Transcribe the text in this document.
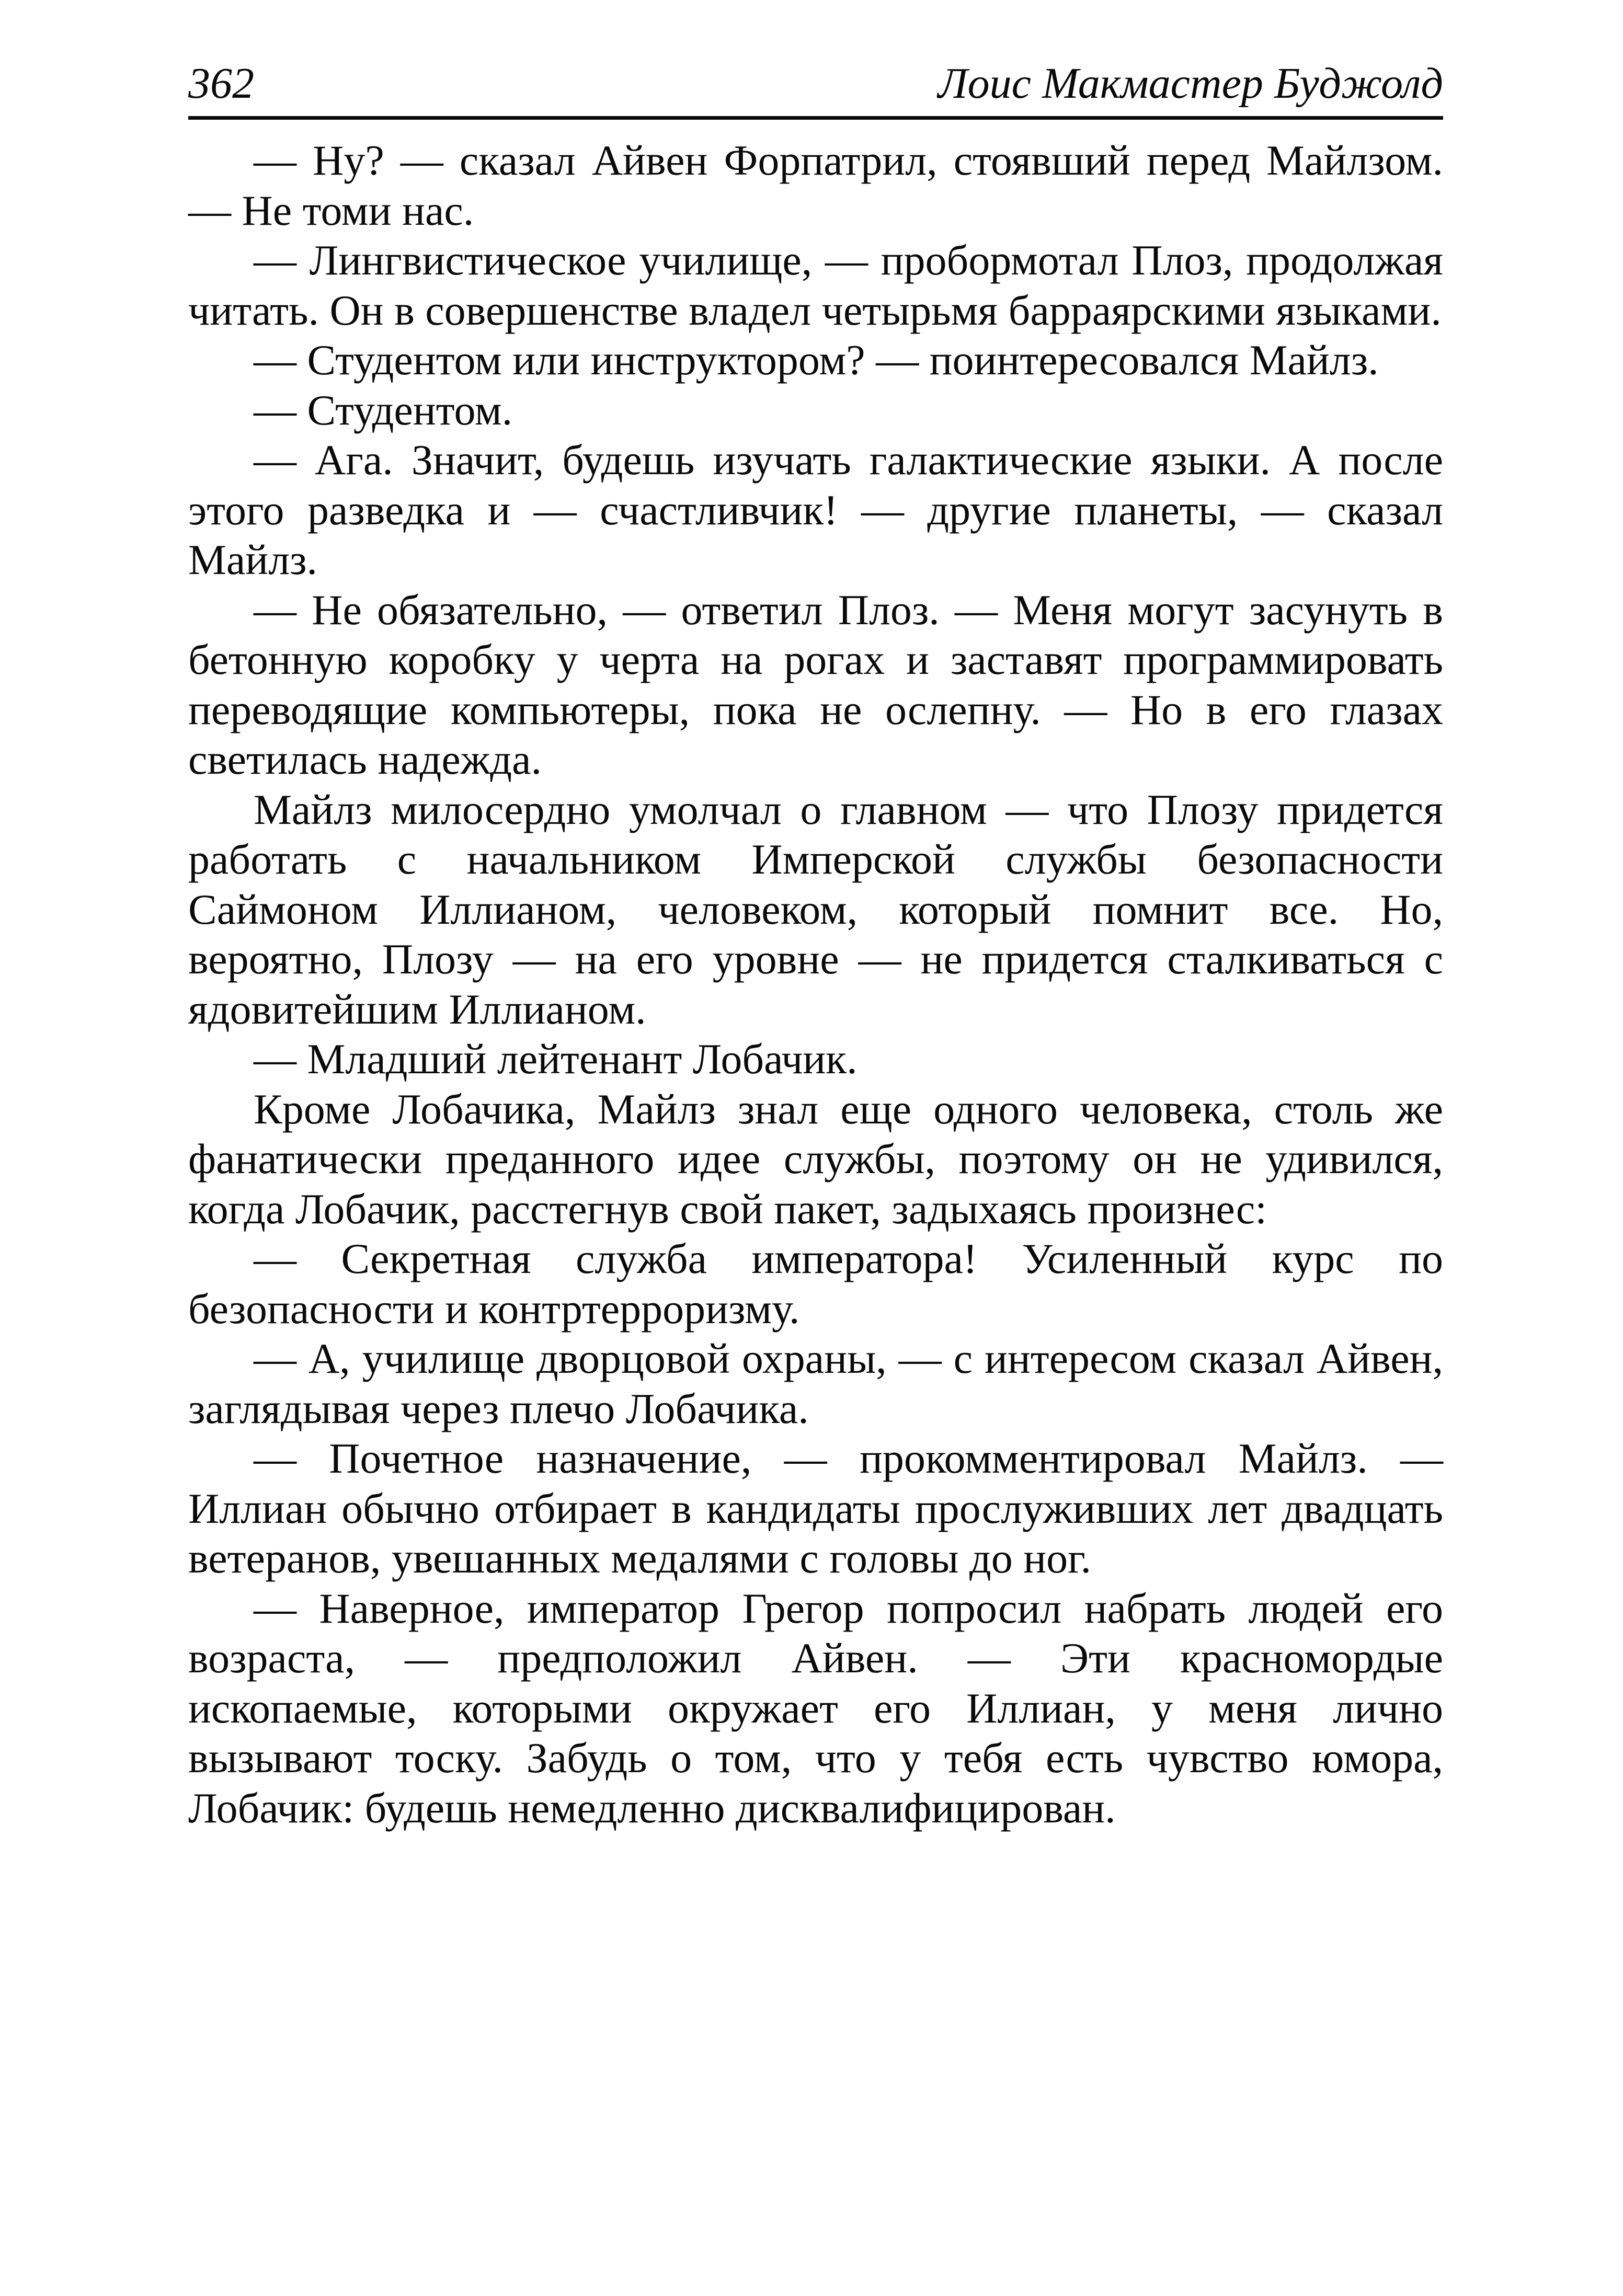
362	Лоис Макмастер Буджолд

— Ну? — сказал Айвен Форпатрил, стоявший перед Майлзом. — Не томи нас.

— Лингвистическое училище, — пробормотал Плоз, продолжая читать. Он в совершенстве владел четырьмя барраярскими языками.

— Студентом или инструктором? — поинтересовался Майлз.

— Студентом.

— Ага. Значит, будешь изучать галактические языки. А после этого разведка и — счастливчик! — другие планеты, — сказал Майлз.

— Не обязательно, — ответил Плоз. — Меня могут засунуть в бетонную коробку у черта на рогах и заставят программировать переводящие компьютеры, пока не ослепну. — Но в его глазах светилась надежда.

Майлз милосердно умолчал о главном — что Плозу придется работать с начальником Имперской службы безопасности Саймоном Иллианом, человеком, который помнит все. Но, вероятно, Плозу — на его уровне — не придется сталкиваться с ядовитейшим Иллианом.

— Младший лейтенант Лобачик.

Кроме Лобачика, Майлз знал еще одного человека, столь же фанатически преданного идее службы, поэтому он не удивился, когда Лобачик, расстегнув свой пакет, задыхаясь произнес:

— Секретная служба императора! Усиленный курс по безопасности и контртерроризму.

— А, училище дворцовой охраны, — с интересом сказал Айвен, заглядывая через плечо Лобачика.

— Почетное назначение, — прокомментировал Майлз. — Иллиан обычно отбирает в кандидаты прослуживших лет двадцать ветеранов, увешанных медалями с головы до ног.

— Наверное, император Грегор попросил набрать людей его возраста, — предположил Айвен. — Эти красномордые ископаемые, которыми окружает его Иллиан, у меня лично вызывают тоску. Забудь о том, что у тебя есть чувство юмора, Лобачик: будешь немедленно дисквалифицирован.
